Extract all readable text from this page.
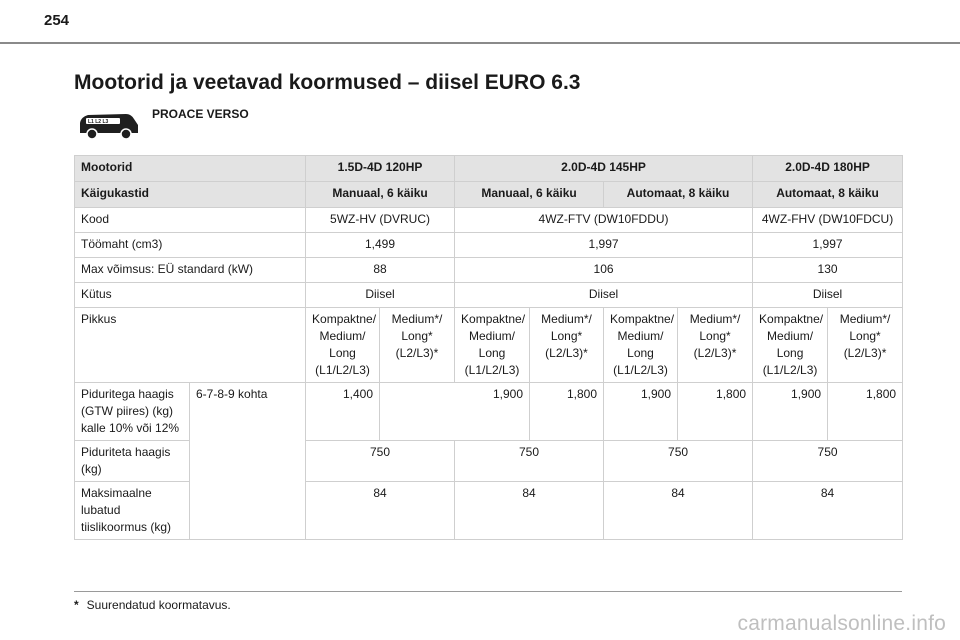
254
Mootorid ja veetavad koormused – diisel EURO 6.3
L1 L2 L3
PROACE VERSO
Mootorid		1.5D-4D 120HP		2.0D-4D 145HP				2.0D-4D 180HP	
Käigukastid		Manuaal, 6 käiku		Manuaal, 6 käiku		Automaat, 8 käiku		Automaat, 8 käiku	
Kood		5WZ-HV (DVRUC)		4WZ-FTV (DW10FDDU)				4WZ-FHV (DW10FDCU)	
Töömaht (cm3)		1,499		1,997				1,997	
Max võimsus: EÜ standard (kW)		88		106				130	
Kütus		Diisel		Diisel				Diisel	
Pikkus		Kompaktne/ Medium/ Long (L1/L2/L3)	Medium*/ Long* (L2/L3)*	Kompaktne/ Medium/ Long (L1/L2/L3)	Medium*/ Long* (L2/L3)*	Kompaktne/ Medium/ Long (L1/L2/L3)	Medium*/ Long* (L2/L3)*	Kompaktne/ Medium/ Long (L1/L2/L3)	Medium*/ Long* (L2/L3)*
Piduritega haagis (GTW piires) (kg) kalle 10% või 12%	6-7-8-9 kohta	1,400	1,900		1,800	1,900	1,800	1,900	1,800
Piduriteta haagis (kg)		750		750		750		750	
Maksimaalne lubatud tiislikoormus (kg)		84		84		84		84	
* Suurendatud koormatavus.
carmanualsonline.info
